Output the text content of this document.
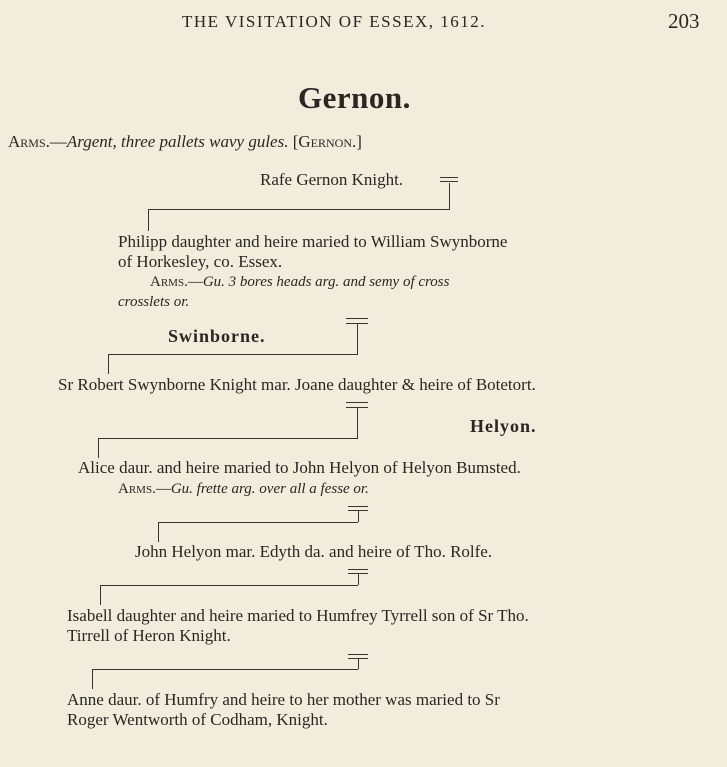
THE VISITATION OF ESSEX, 1612.	203
Gernon.
Arms.—Argent, three pallets wavy gules. [Gernon.]
Rafe Gernon Knight.
Philipp daughter and heire maried to William Swynborne
of Horkesley, co. Essex.
Arms.—Gu. 3 bores heads arg. and semy of cross
crosslets or.
Swinborne.
Sr Robert Swynborne Knight mar. Joane daughter & heire of Botetort.
Helyon.
Alice daur. and heire maried to John Helyon of Helyon Bumsted.
Arms.—Gu. frette arg. over all a fesse or.
John Helyon mar. Edyth da. and heire of Tho. Rolfe.
Isabell daughter and heire maried to Humfrey Tyrrell son of Sr Tho.
Tirrell of Heron Knight.
Anne daur. of Humfry and heire to her mother was maried to Sr
Roger Wentworth of Codham, Knight.
